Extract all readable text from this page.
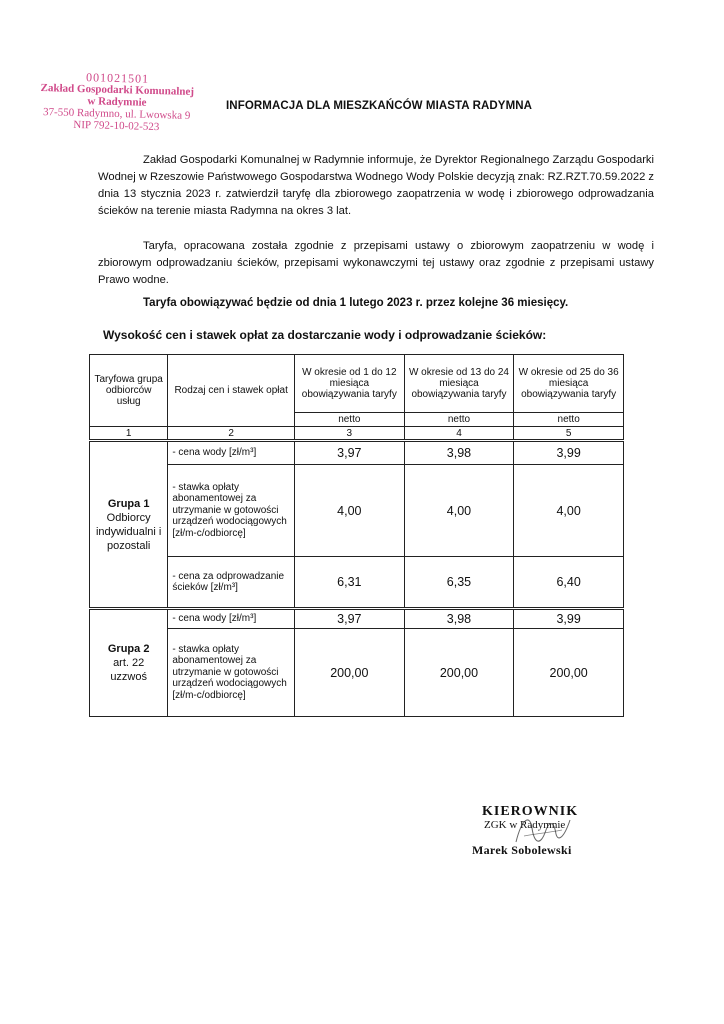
001021501
Zakład Gospodarki Komunalnej
w Radymnie
37-550 Radymno, ul. Lwowska 9
NIP 792-10-02-523
INFORMACJA DLA MIESZKAŃCÓW MIASTA RADYMNA
Zakład Gospodarki Komunalnej w Radymnie informuje, że Dyrektor Regionalnego Zarządu Gospodarki Wodnej w Rzeszowie Państwowego Gospodarstwa Wodnego Wody Polskie decyzją znak: RZ.RZT.70.59.2022 z dnia 13 stycznia 2023 r. zatwierdził taryfę dla zbiorowego zaopatrzenia w wodę i zbiorowego odprowadzania ścieków na terenie miasta Radymna na okres 3 lat.
Taryfa, opracowana została zgodnie z przepisami ustawy o zbiorowym zaopatrzeniu w wodę i zbiorowym odprowadzaniu ścieków, przepisami wykonawczymi tej ustawy oraz zgodnie z przepisami ustawy Prawo wodne.
Taryfa obowiązywać będzie od dnia 1 lutego 2023 r. przez kolejne 36 miesięcy.
Wysokość cen i stawek opłat za dostarczanie wody i odprowadzanie ścieków:
Taryfowa grupa odbiorców usług	Rodzaj cen i stawek opłat	W okresie od 1 do 12 miesiąca obowiązywania taryfy	W okresie od 13 do 24 miesiąca obowiązywania taryfy	W okresie od 25 do 36 miesiąca obowiązywania taryfy
		netto	netto	netto
1	2	3	4	5
Grupa 1
Odbiorcy indywidualni i pozostali	- cena wody [zł/m³]	3,97	3,98	3,99
	- stawka opłaty abonamentowej za utrzymanie w gotowości urządzeń wodociągowych [zł/m-c/odbiorcę]	4,00	4,00	4,00
	- cena za odprowadzanie ścieków [zł/m³]	6,31	6,35	6,40
Grupa 2
art. 22 uzzwoś	- cena wody [zł/m³]	3,97	3,98	3,99
	- stawka opłaty abonamentowej za utrzymanie w gotowości urządzeń wodociągowych [zł/m-c/odbiorcę]	200,00	200,00	200,00
KIEROWNIK
ZGK w Radymnie
Marek Sobolewski
